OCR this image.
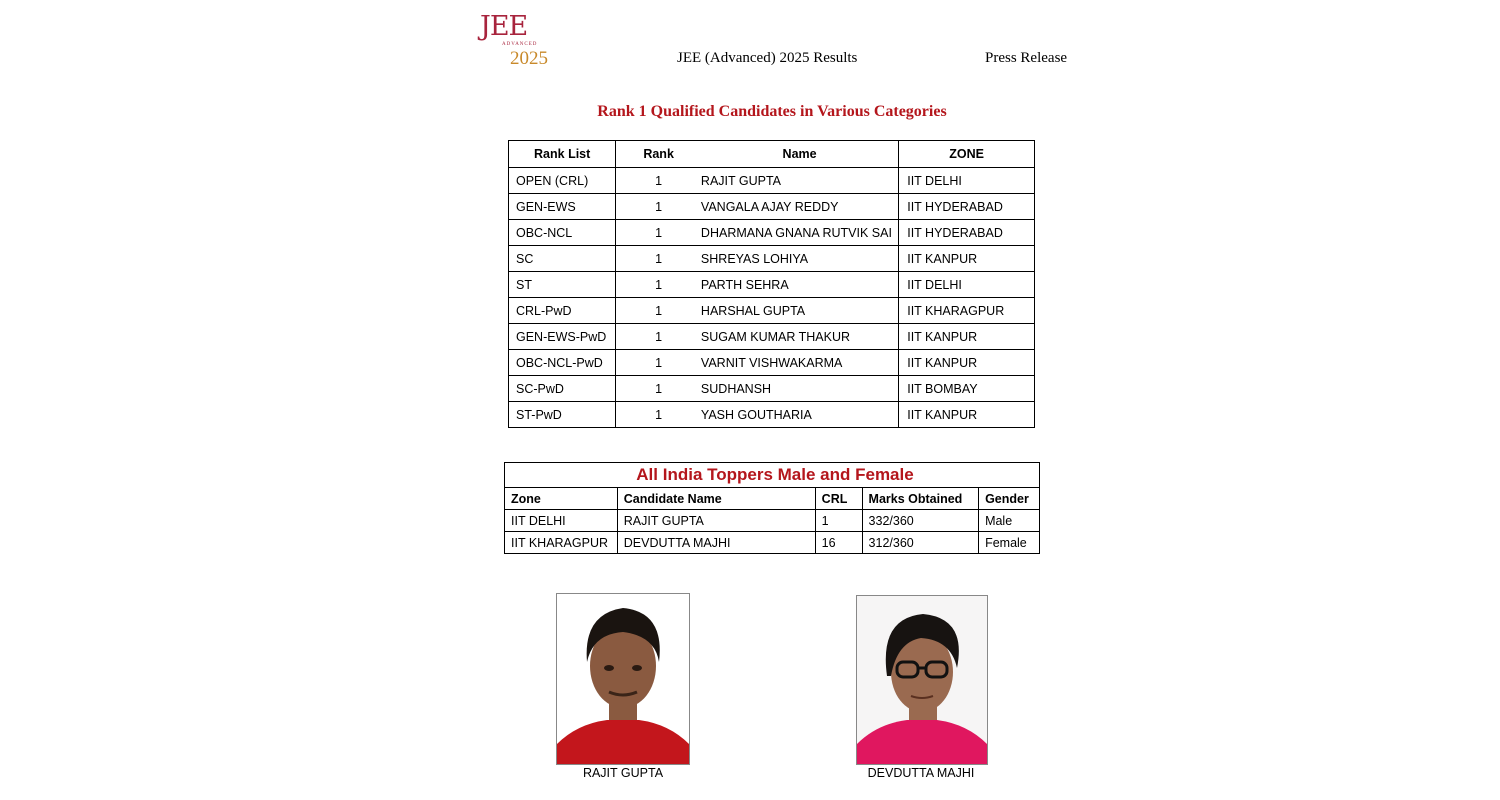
JEE
ADVANCED
2025	JEE (Advanced) 2025 Results	Press Release
Rank 1 Qualified Candidates in Various Categories
Rank List	Rank	Name	ZONE
OPEN (CRL)	1	RAJIT GUPTA	IIT DELHI
GEN-EWS	1	VANGALA AJAY REDDY	IIT HYDERABAD
OBC-NCL	1	DHARMANA GNANA RUTVIK SAI	IIT HYDERABAD
SC	1	SHREYAS LOHIYA	IIT KANPUR
ST	1	PARTH SEHRA	IIT DELHI
CRL-PwD	1	HARSHAL GUPTA	IIT KHARAGPUR
GEN-EWS-PwD	1	SUGAM KUMAR THAKUR	IIT KANPUR
OBC-NCL-PwD	1	VARNIT VISHWAKARMA	IIT KANPUR
SC-PwD	1	SUDHANSH	IIT BOMBAY
ST-PwD	1	YASH GOUTHARIA	IIT KANPUR
All India Toppers Male and Female				
Zone	Candidate Name	CRL	Marks Obtained	Gender
IIT DELHI	RAJIT GUPTA	1	332/360	Male
IIT KHARAGPUR	DEVDUTTA MAJHI	16	312/360	Female
RAJIT GUPTA	DEVDUTTA MAJHI
